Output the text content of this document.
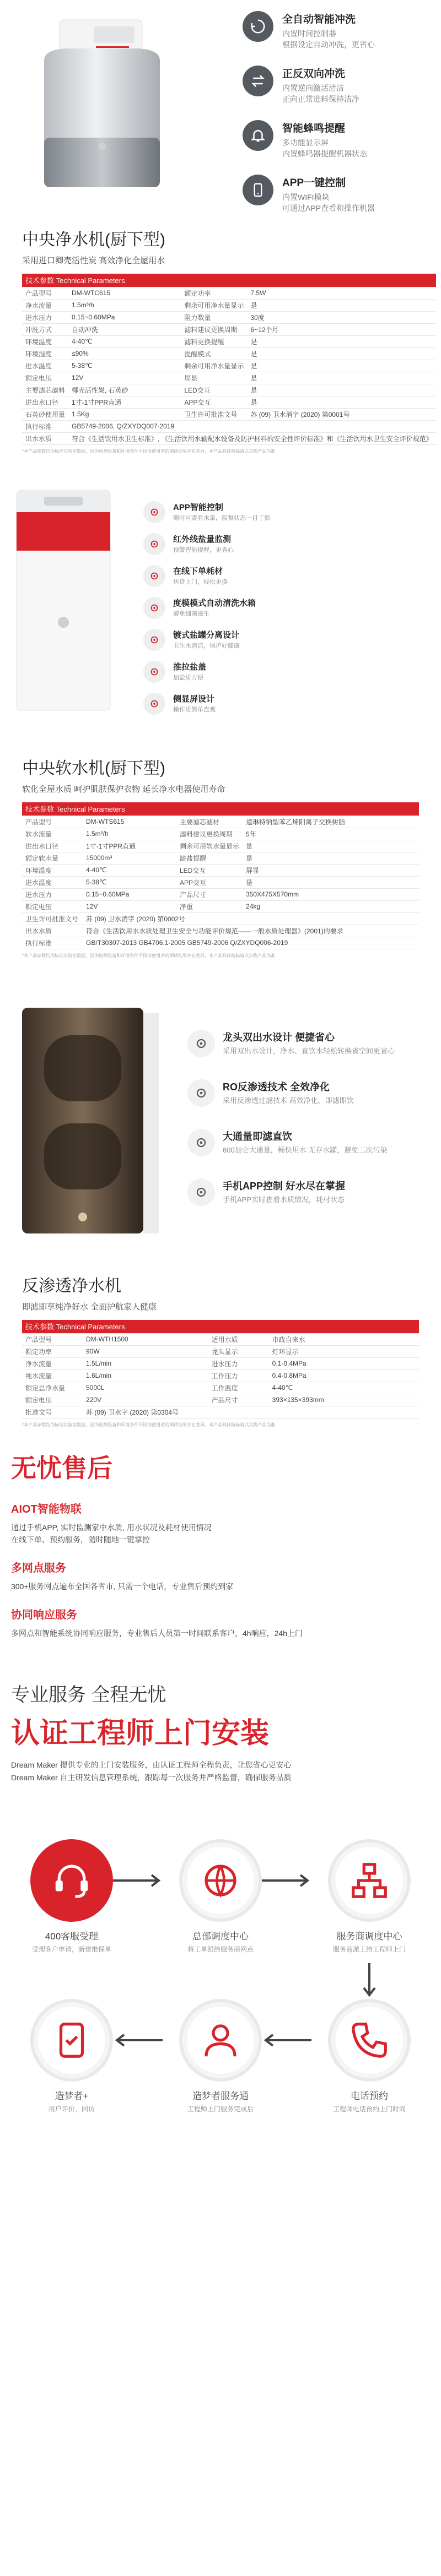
全自动智能冲洗

内置时间控制器

根据设定自动冲洗，更省心

正反双向冲洗

内置逆向激活清洁

正向正常进料保持洁净

智能蜂鸣提醒

多功能显示屏

内置蜂鸣器提醒机器状态

APP一键控制

内置WIFI模块

可通过APP查看和操作机器

中央净水机(厨下型)
采用进口卿壳活性炭 高效净化全屋用水
技术参数 Technical Parameters			
产品型号	DM-WTC615	额定功率	7.5W
净水流量	1.5m³/h	剩余可用净水量显示	是
进水压力	0.15~0.60MPa	阻力数量	30度
冲洗方式	自动冲洗	滤料建议更换周期	6~12个月
环境温度	4-40℃	滤料更换提醒	是
环境湿度	≤90%	提醒模式	是
进水温度	5-38℃	剩余可用净水量显示	是
额定电压	12V	屏显	是
主要滤芯滤料	椰壳活性炭, 石英砂	LED交互	是
进出水口径	1寸-1寸PPR直通	APP交互	是
石英砂使用量	1.5Kg	卫生许可批准文号	苏 (09) 卫水消字 (2020) 第0001号
执行标准	GB5749-2006, Q/ZXYDQ007-2019		
出水水质	符合《生活饮用水卫生标准》, 《生活饮用水输配水设备及防护材料的安全性评价标准》和《生活饮用水卫生安全评价规范》		
*本产品参数均为标准实验室数据，因为检测设备和环境条件不同而使用者的测试结果存在差异，本产品具体指标请以实物产品为准
APP智能控制

随时可查看水量，监督状态一目了然

红外线盐量监测

预警智能提醒，更省心

在线下单耗材

送货上门，轻松更换

度模模式自动清洗水箱

避免细菌滋生

镀式盐罐分离设计

卫生水清洁，保护好健康

推拉盐盖

加盐更方便

侧显屏设计

操作更简单直观

中央软水机(厨下型)
软化全屋水质 呵护肌肤保护衣物 延长净水电器使用寿命
技术参数 Technical Parameters			
产品型号	DM-WTS615	主要滤芯滤材	道琳特钠型苯乙烯阳离子交换树脂
软水流量	1.5m³/h	滤料建议更换周期	5年
进出水口径	1寸-1寸PPR直通	剩余可用软水量显示	是
额定软水量	15000m³	缺盐提醒	是
环境温度	4-40℃	LED交互	屏显
进水温度	5-38℃	APP交互	是
进水压力	0.15~0.60MPa	产品尺寸	350X475X570mm
额定电压	12V	净重	24kg
卫生许可批准文号	苏 (09) 卫水消字 (2020) 第0002号		
出水水质	符合《生活饮用水水质处理卫生安全与功能评价规范——一般水质处理器》(2001)的要求		
执行标准	GB/T30307-2013 GB4706.1-2005 GB5749-2006 Q/ZXYDQ006-2019		
*本产品参数均为标准实验室数据，因为检测设备和环境条件不同而使用者的测试结果存在差异，本产品具体指标请以实物产品为准
龙头双出水设计 便捷省心

采用双出水设计，净水、直饮水轻松转换省空间更省心

RO反渗透技术 全效净化

采用反渗透过滤技术 高效净化，即滤即饮

大通量即滤直饮

600加仑大通量，畅快用水 无存水罐，避免二次污染

手机APP控制 好水尽在掌握

手机APP实时查看水质情况，耗材状态

反渗透净水机
即滤即享纯净好水 全面护航家人健康
技术参数 Technical Parameters			
产品型号	DM-WTH1500	适用水质	市政自来水
额定功率	90W	龙头显示	灯环显示
净水流量	1.5L/min	进水压力	0.1-0.4MPa
纯水流量	1.6L/min	工作压力	0.4-0.8MPa
额定总净水量	5000L	工作温度	4-40℃
额定电压	220V	产品尺寸	393×135×393mm
批准文号	苏 (09) 卫水字 (2020) 第0304号		
*本产品参数均为标准实验室数据，因为检测设备和环境条件不同而使用者的测试结果存在差异，本产品具体指标请以实物产品为准
无忧售后
AIOT智能物联

通过手机APP, 实时监测家中水质, 用水状况及耗材使用情况

在线下单、预约服务，随时随地一键掌控

多网点服务

300+服务网点遍布全国各省市, 只需一个电话，专业售后预约到家

协同响应服务

多网点和智能系统协同响应服务，专业售后人员第一时间联系客户，4h响应，24h上门

专业服务 全程无忧
认证工程师上门安装

Dream Maker 提供专业的上门安装服务，由认证工程师全程负责，让您省心更安心

Dream Maker 自主研发信息管理系统，跟踪每一次服务并严格监督，确保服务品质

400客服受理
受理客户申请，新建维保单
总部调度中心
将工单派给服务商网点
服务商调度中心
服务商派工给工程师上门
造梦者+
用户评价，回访
造梦者服务通
工程师上门服务完成后
电话预约
工程师电话预约上门时间
